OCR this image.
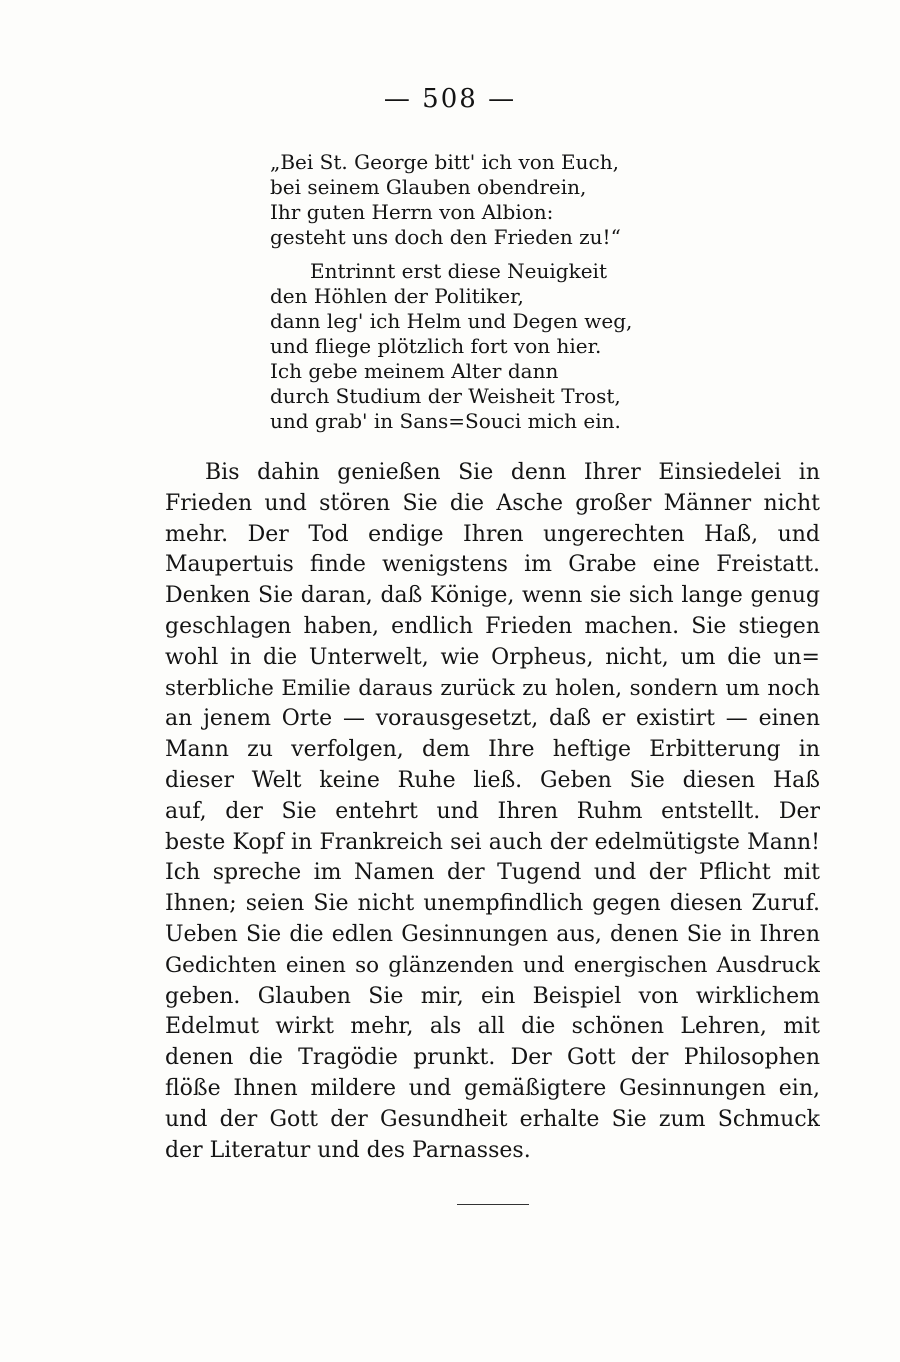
— 508 —
„Bei St. George bitt' ich von Euch,
bei seinem Glauben obendrein,
Ihr guten Herrn von Albion:
gesteht uns doch den Frieden zu!“
Entrinnt erst diese Neuigkeit
den Höhlen der Politiker,
dann leg' ich Helm und Degen weg,
und fliege plötzlich fort von hier.
Ich gebe meinem Alter dann
durch Studium der Weisheit Trost,
und grab' in Sans=Souci mich ein.
Bis dahin genießen Sie denn Ihrer Einsiedelei in
Frieden und stören Sie die Asche großer Männer nicht
mehr. Der Tod endige Ihren ungerechten Haß, und
Maupertuis finde wenigstens im Grabe eine Freistatt.
Denken Sie daran, daß Könige, wenn sie sich lange genug
geschlagen haben, endlich Frieden machen. Sie stiegen
wohl in die Unterwelt, wie Orpheus, nicht, um die un=
sterbliche Emilie daraus zurück zu holen, sondern um noch
an jenem Orte — vorausgesetzt, daß er existirt — einen
Mann zu verfolgen, dem Ihre heftige Erbitterung in
dieser Welt keine Ruhe ließ. Geben Sie diesen Haß
auf, der Sie entehrt und Ihren Ruhm entstellt. Der
beste Kopf in Frankreich sei auch der edelmütigste Mann!
Ich spreche im Namen der Tugend und der Pflicht mit
Ihnen; seien Sie nicht unempfindlich gegen diesen Zuruf.
Ueben Sie die edlen Gesinnungen aus, denen Sie in Ihren
Gedichten einen so glänzenden und energischen Ausdruck
geben. Glauben Sie mir, ein Beispiel von wirklichem
Edelmut wirkt mehr, als all die schönen Lehren, mit
denen die Tragödie prunkt. Der Gott der Philosophen
flöße Ihnen mildere und gemäßigtere Gesinnungen ein,
und der Gott der Gesundheit erhalte Sie zum Schmuck
der Literatur und des Parnasses.
